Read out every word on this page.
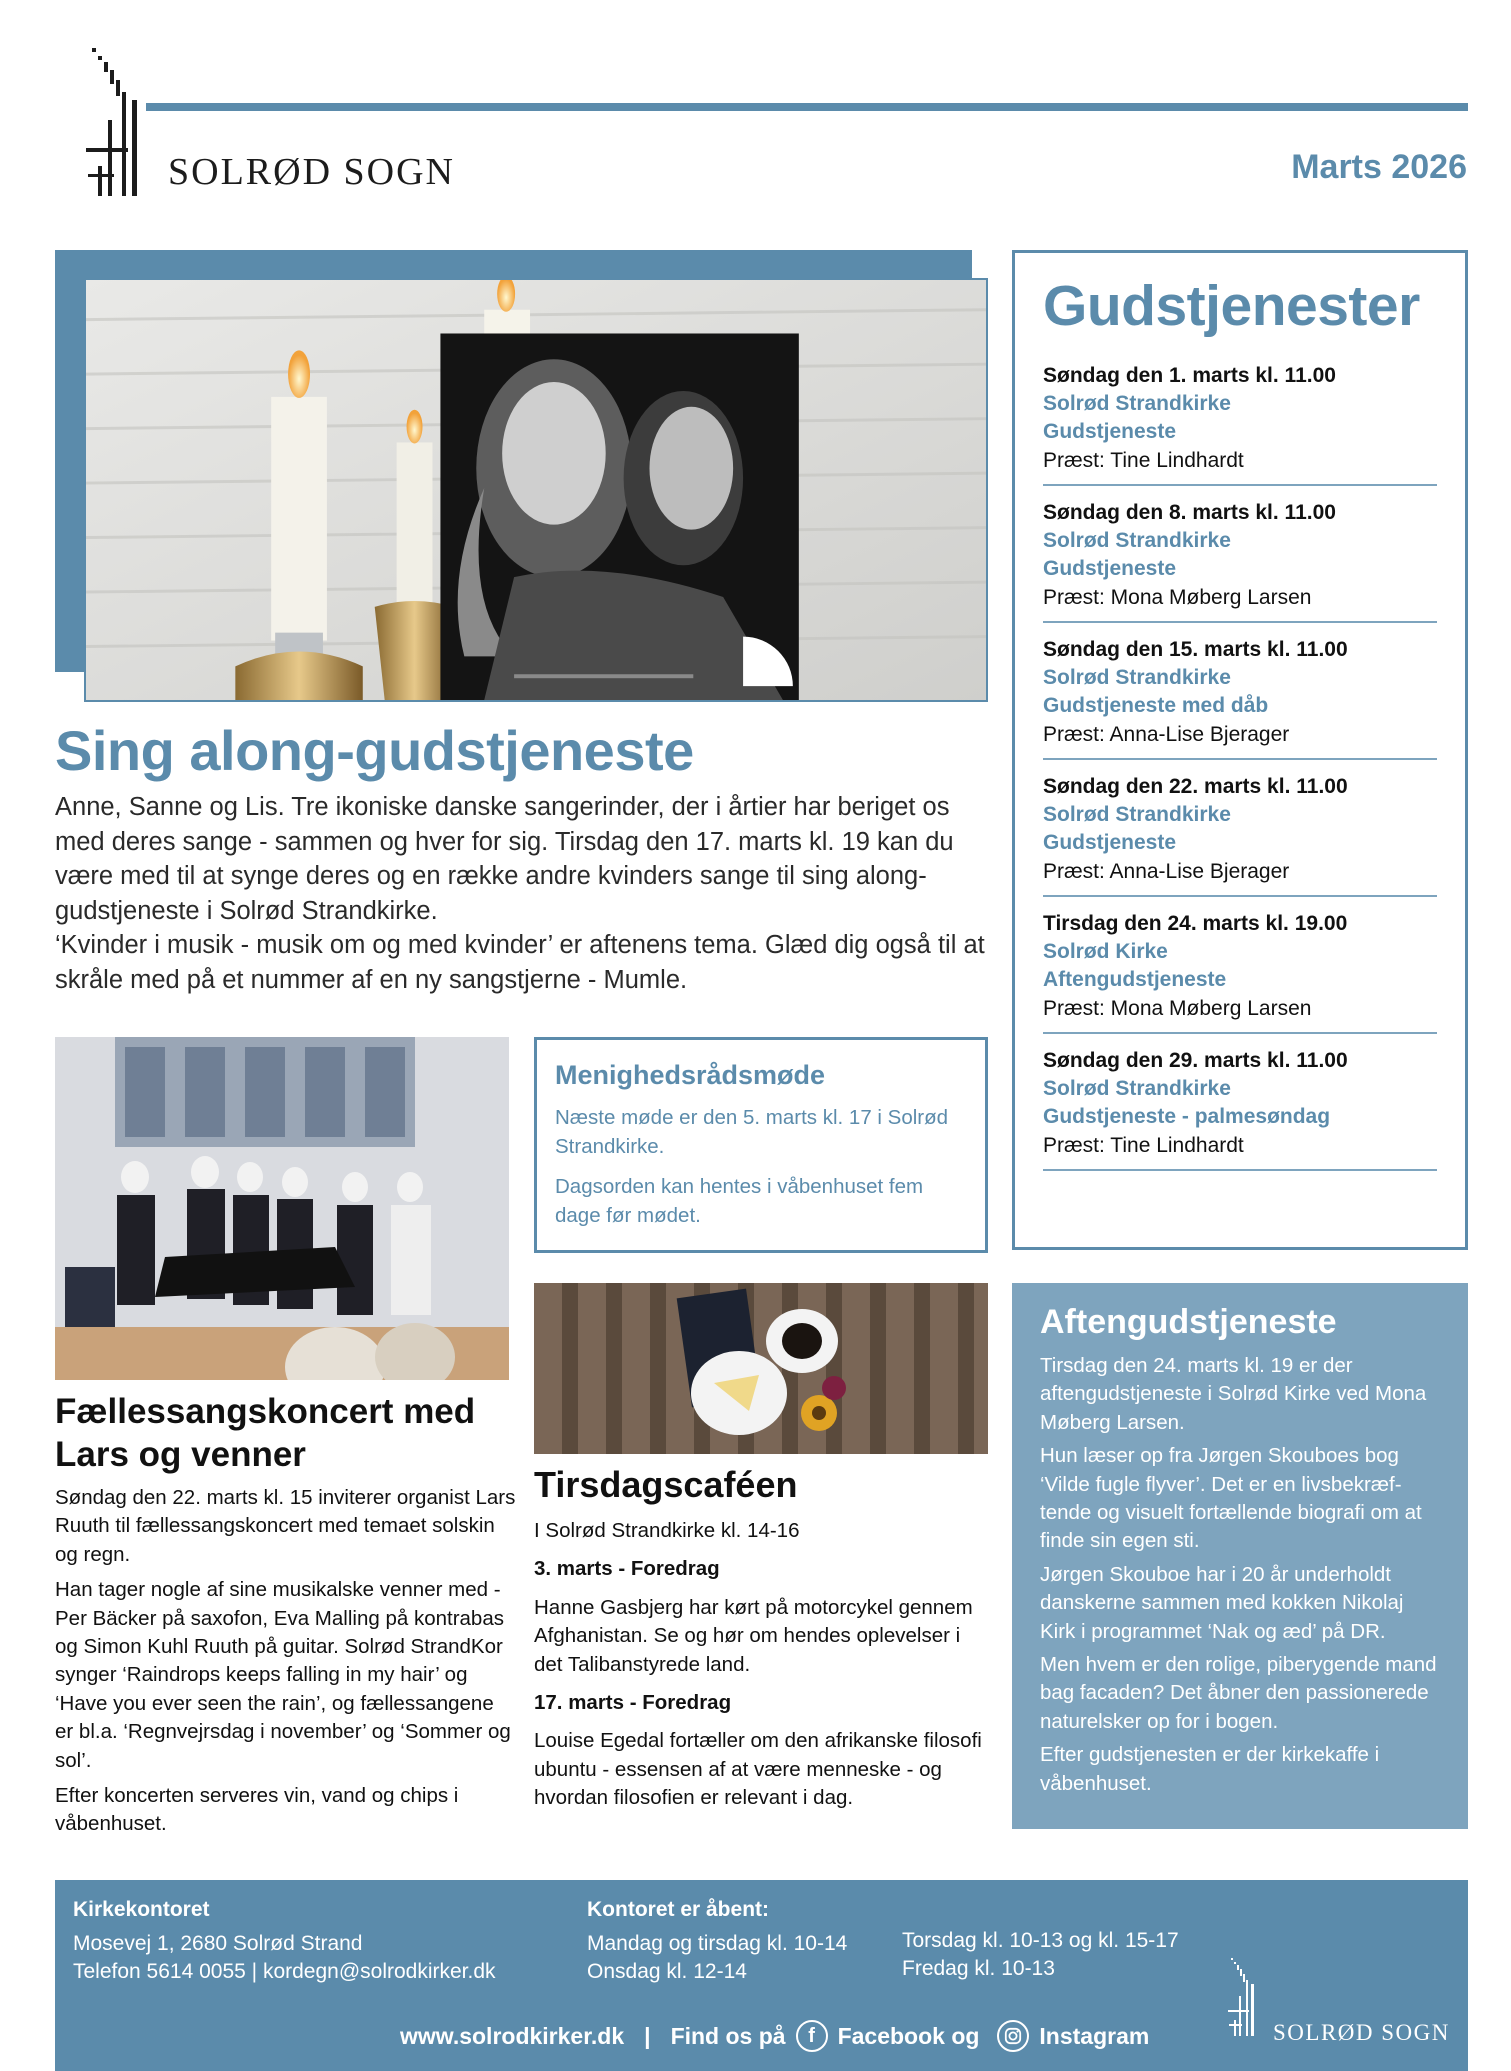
SOLRØD SOGN	Marts 2026
Sing along-gudstjeneste

Anne, Sanne og Lis. Tre ikoniske danske sangerinder, der i årtier har beriget os med deres sange - sammen og hver for sig. Tirsdag den 17. marts kl. 19 kan du være med til at synge deres og en række andre kvinders sange til sing along-gudstjeneste i Solrød Strandkirke.

‘Kvinder i musik - musik om og med kvinder’ er aftenens tema. Glæd dig også til at skråle med på et nummer af en ny sangstjerne - Mumle.

Gudstjenester
Søndag den 1. marts kl. 11.00
Solrød Strandkirke
Gudstjeneste
Præst: Tine Lindhardt
Søndag den 8. marts kl. 11.00
Solrød Strandkirke
Gudstjeneste
Præst: Mona Møberg Larsen
Søndag den 15. marts kl. 11.00
Solrød Strandkirke
Gudstjeneste med dåb
Præst: Anna-Lise Bjerager
Søndag den 22. marts kl. 11.00
Solrød Strandkirke
Gudstjeneste
Præst: Anna-Lise Bjerager
Tirsdag den 24. marts kl. 19.00
Solrød Kirke
Aftengudstjeneste
Præst: Mona Møberg Larsen
Søndag den 29. marts kl. 11.00
Solrød Strandkirke
Gudstjeneste - palmesøndag
Præst: Tine Lindhardt
Menighedsrådsmøde
Næste møde er den 5. marts kl. 17 i Solrød Strandkirke.
Dagsorden kan hentes i våbenhuset fem dage før mødet.
Fællessangskoncert med Lars og venner

Søndag den 22. marts kl. 15 inviterer organist Lars Ruuth til fællessangskoncert med temaet solskin og regn.

Han tager nogle af sine musikalske venner med - Per Bäcker på saxofon, Eva Malling på kontrabas og Simon Kuhl Ruuth på guitar. Solrød StrandKor synger ‘Raindrops keeps falling in my hair’ og ‘Have you ever seen the rain’, og fællessangene er bl.a. ‘Regnvejrsdag i november’ og ‘Sommer og sol’.

Efter koncerten serveres vin, vand og chips i våbenhuset.

Tirsdagscaféen

I Solrød Strandkirke kl. 14-16

3. marts - Foredrag

Hanne Gasbjerg har kørt på motorcykel gennem Afghanistan. Se og hør om hendes oplevelser i det Talibanstyrede land.

17. marts - Foredrag

Louise Egedal fortæller om den afrikanske filosofi ubuntu - essensen af at være menneske - og hvordan filosofien er relevant i dag.

Aftengudstjeneste

Tirsdag den 24. marts kl. 19 er der aftengudstjeneste i Solrød Kirke ved Mona Møberg Larsen.

Hun læser op fra Jørgen Skouboes bog ‘Vilde fugle flyver’. Det er en livsbekræftende og visuelt fortællende biografi om at finde sin egen sti.

Jørgen Skouboe har i 20 år underholdt danskerne sammen med kokken Nikolaj Kirk i programmet ‘Nak og æd’ på DR.

Men hvem er den rolige, piberygende mand bag facaden? Det åbner den passionerede naturelsker op for i bogen.

Efter gudstjenesten er der kirkekaffe i våbenhuset.

Kirkekontoret
Mosevej 1, 2680 Solrød Strand
Telefon 5614 0055 | kordegn@solrodkirker.dk
Kontoret er åbent:
Mandag og tirsdag kl. 10-14
Onsdag kl. 12-14
Torsdag kl. 10-13 og kl. 15-17
Fredag kl. 10-13
www.solrodkirker.dk | Find os på	f Facebook og	Instagram	SOLRØD SOGN
